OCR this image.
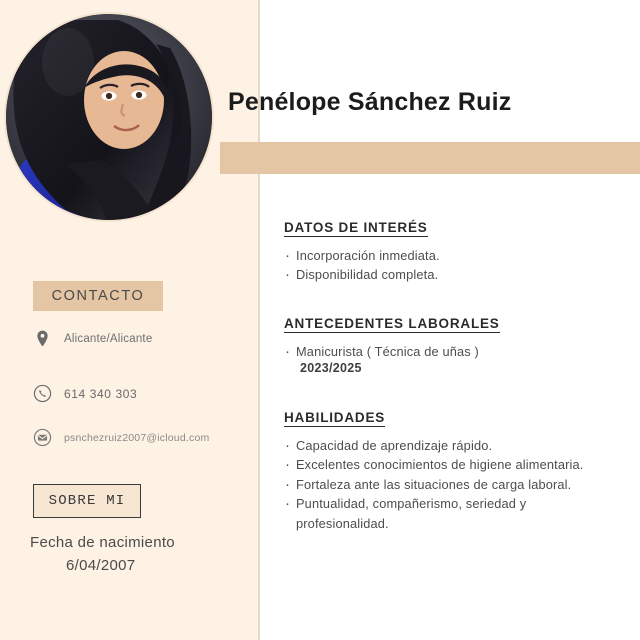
CONTACTO
Alicante/Alicante
614 340 303
psnchezruiz2007@icloud.com
SOBRE MI
Fecha de nacimiento
6/04/2007
Penélope Sánchez Ruiz
DATOS DE INTERÉS
· Incorporación inmediata.
· Disponibilidad completa.
ANTECEDENTES LABORALES
· Manicurista ( Técnica de uñas )
2023/2025
HABILIDADES
· Capacidad de aprendizaje rápido.
· Excelentes conocimientos de higiene alimentaria.
· Fortaleza ante las situaciones de carga laboral.
· Puntualidad, compañerismo, seriedad y profesionalidad.
